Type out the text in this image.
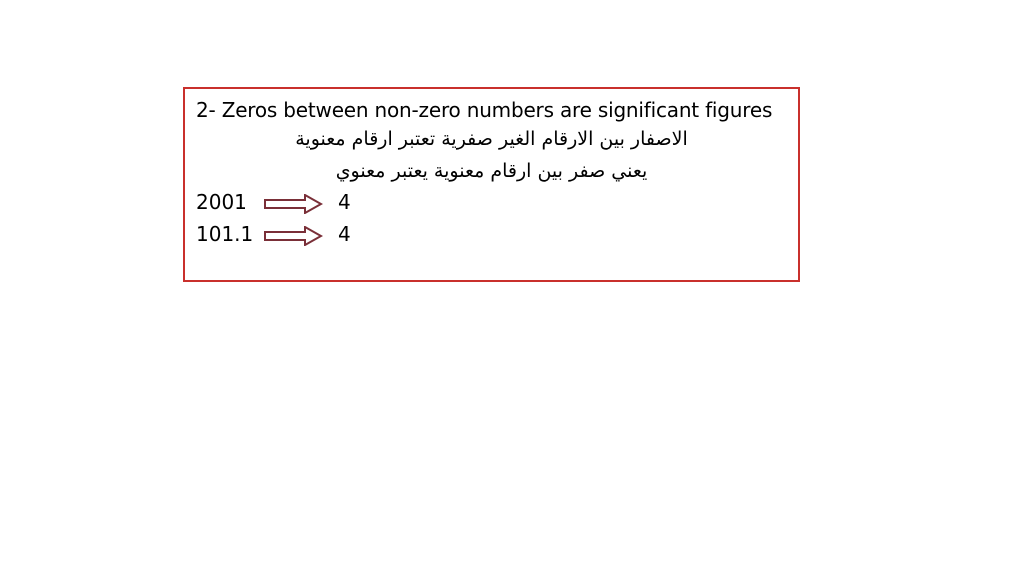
2- Zeros between non-zero numbers are significant figures
الاصفار بين الارقام الغير صفرية تعتبر ارقام معنوية
يعني صفر بين ارقام معنوية يعتبر معنوي
2001	4
101.1	4
